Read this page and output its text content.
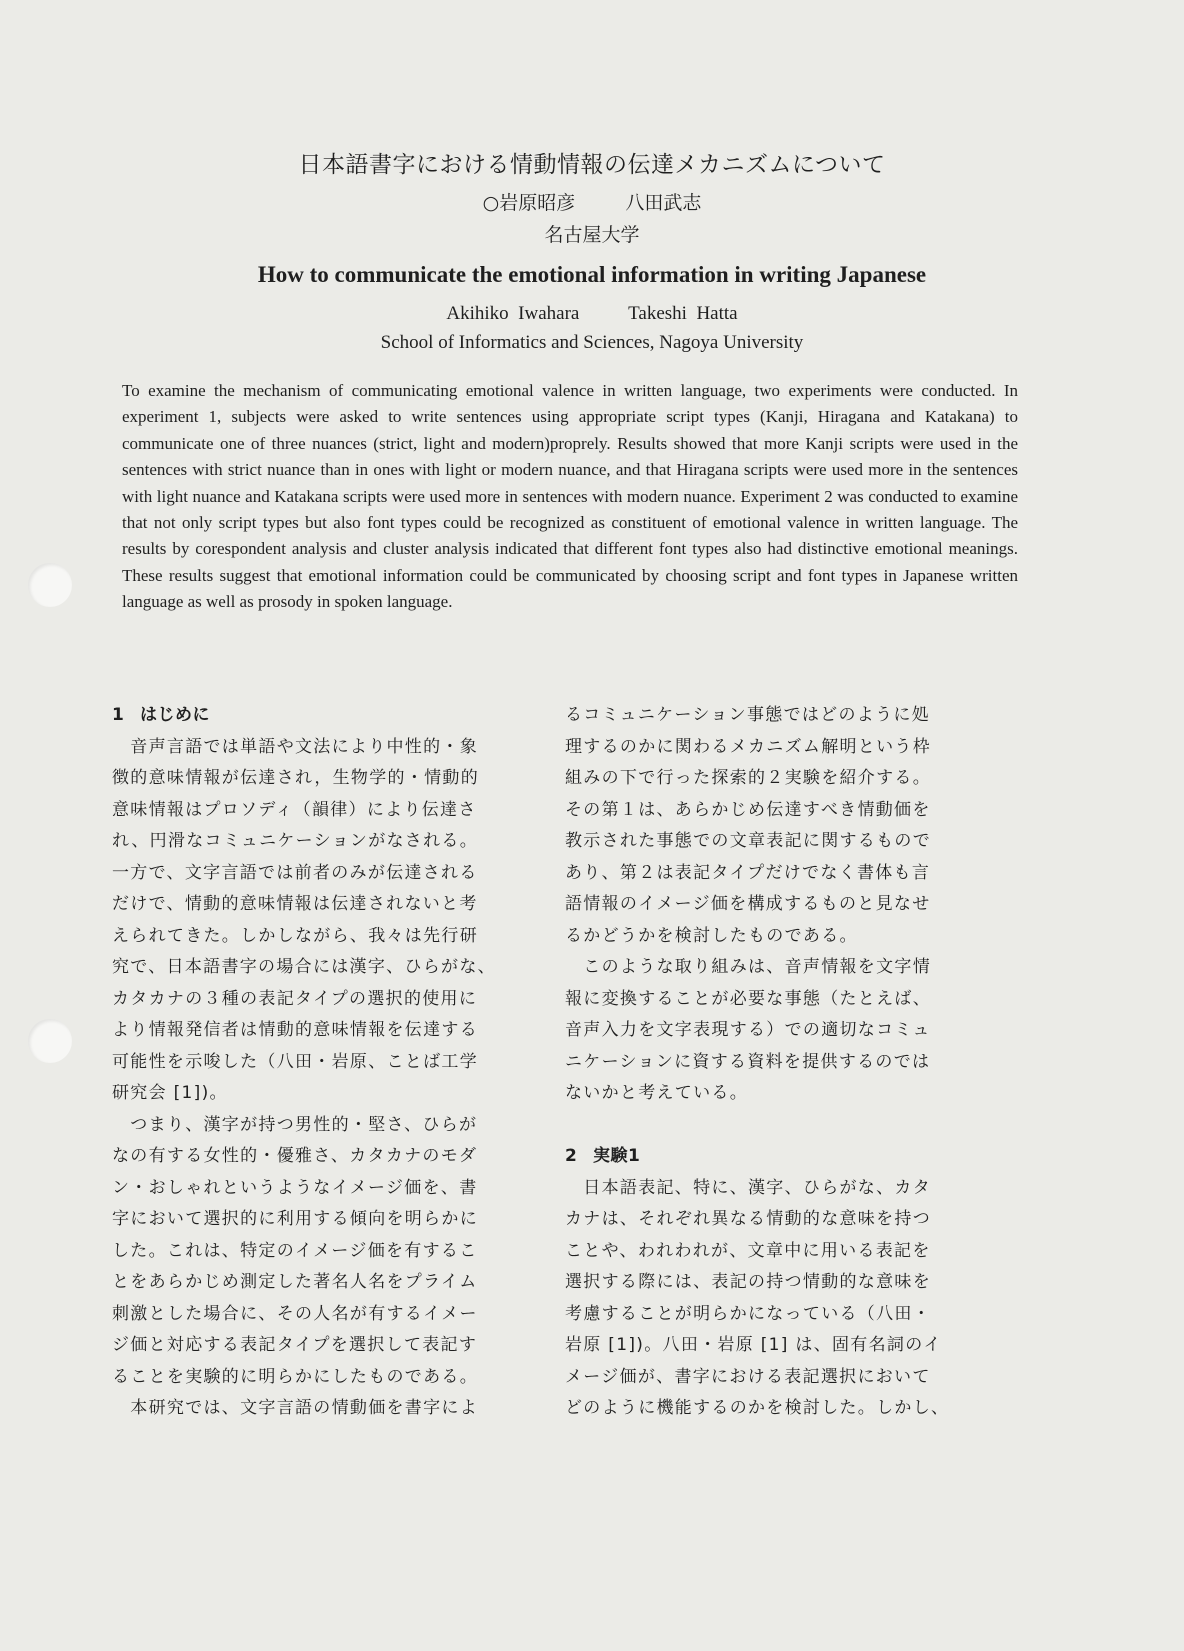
日本語書字における情動情報の伝達メカニズムについて
○岩原昭彦	八田武志
名古屋大学
How to communicate the emotional information in writing Japanese
Akihiko  Iwahara	Takeshi  Hatta
School of Informatics and Sciences, Nagoya University
To examine the mechanism of communicating emotional valence in written language, two experiments were conducted. In experiment 1, subjects were asked to write sentences using appropriate script types (Kanji, Hiragana and Katakana) to communicate one of three nuances (strict, light and modern)proprely. Results showed that more Kanji scripts were used in the sentences with strict nuance than in ones with light or modern nuance, and that Hiragana scripts were used more in the sentences with light nuance and Katakana scripts were used more in sentences with modern nuance. Experiment 2 was conducted to examine that not only script types but also font types could be recognized as constituent of emotional valence in written language. The results by corespondent analysis and cluster analysis indicated that different font types also had distinctive emotional meanings. These results suggest that emotional information could be communicated by choosing script and font types in Japanese written language as well as prosody in spoken language.

1 はじめに

　音声言語では単語や文法により中性的・象

徴的意味情報が伝達され，生物学的・情動的

意味情報はプロソディ（韻律）により伝達さ

れ、円滑なコミュニケーションがなされる。

一方で、文字言語では前者のみが伝達される

だけで、情動的意味情報は伝達されないと考

えられてきた。しかしながら、我々は先行研

究で、日本語書字の場合には漢字、ひらがな、

カタカナの３種の表記タイプの選択的使用に

より情報発信者は情動的意味情報を伝達する

可能性を示唆した（八田・岩原、ことば工学

研究会 [1])。

　つまり、漢字が持つ男性的・堅さ、ひらが

なの有する女性的・優雅さ、カタカナのモダ

ン・おしゃれというようなイメージ価を、書

字において選択的に利用する傾向を明らかに

した。これは、特定のイメージ価を有するこ

とをあらかじめ測定した著名人名をプライム

刺激とした場合に、その人名が有するイメー

ジ価と対応する表記タイプを選択して表記す

ることを実験的に明らかにしたものである。

　本研究では、文字言語の情動価を書字によ

るコミュニケーション事態ではどのように処

理するのかに関わるメカニズム解明という枠

組みの下で行った探索的２実験を紹介する。

その第１は、あらかじめ伝達すべき情動価を

教示された事態での文章表記に関するもので

あり、第２は表記タイプだけでなく書体も言

語情報のイメージ価を構成するものと見なせ

るかどうかを検討したものである。

　このような取り組みは、音声情報を文字情

報に変換することが必要な事態（たとえば、

音声入力を文字表現する）での適切なコミュ

ニケーションに資する資料を提供するのでは

ないかと考えている。

2 実験1

　日本語表記、特に、漢字、ひらがな、カタ

カナは、それぞれ異なる情動的な意味を持つ

ことや、われわれが、文章中に用いる表記を

選択する際には、表記の持つ情動的な意味を

考慮することが明らかになっている（八田・

岩原 [1])。八田・岩原 [1] は、固有名詞のイ

メージ価が、書字における表記選択において

どのように機能するのかを検討した。しかし、
